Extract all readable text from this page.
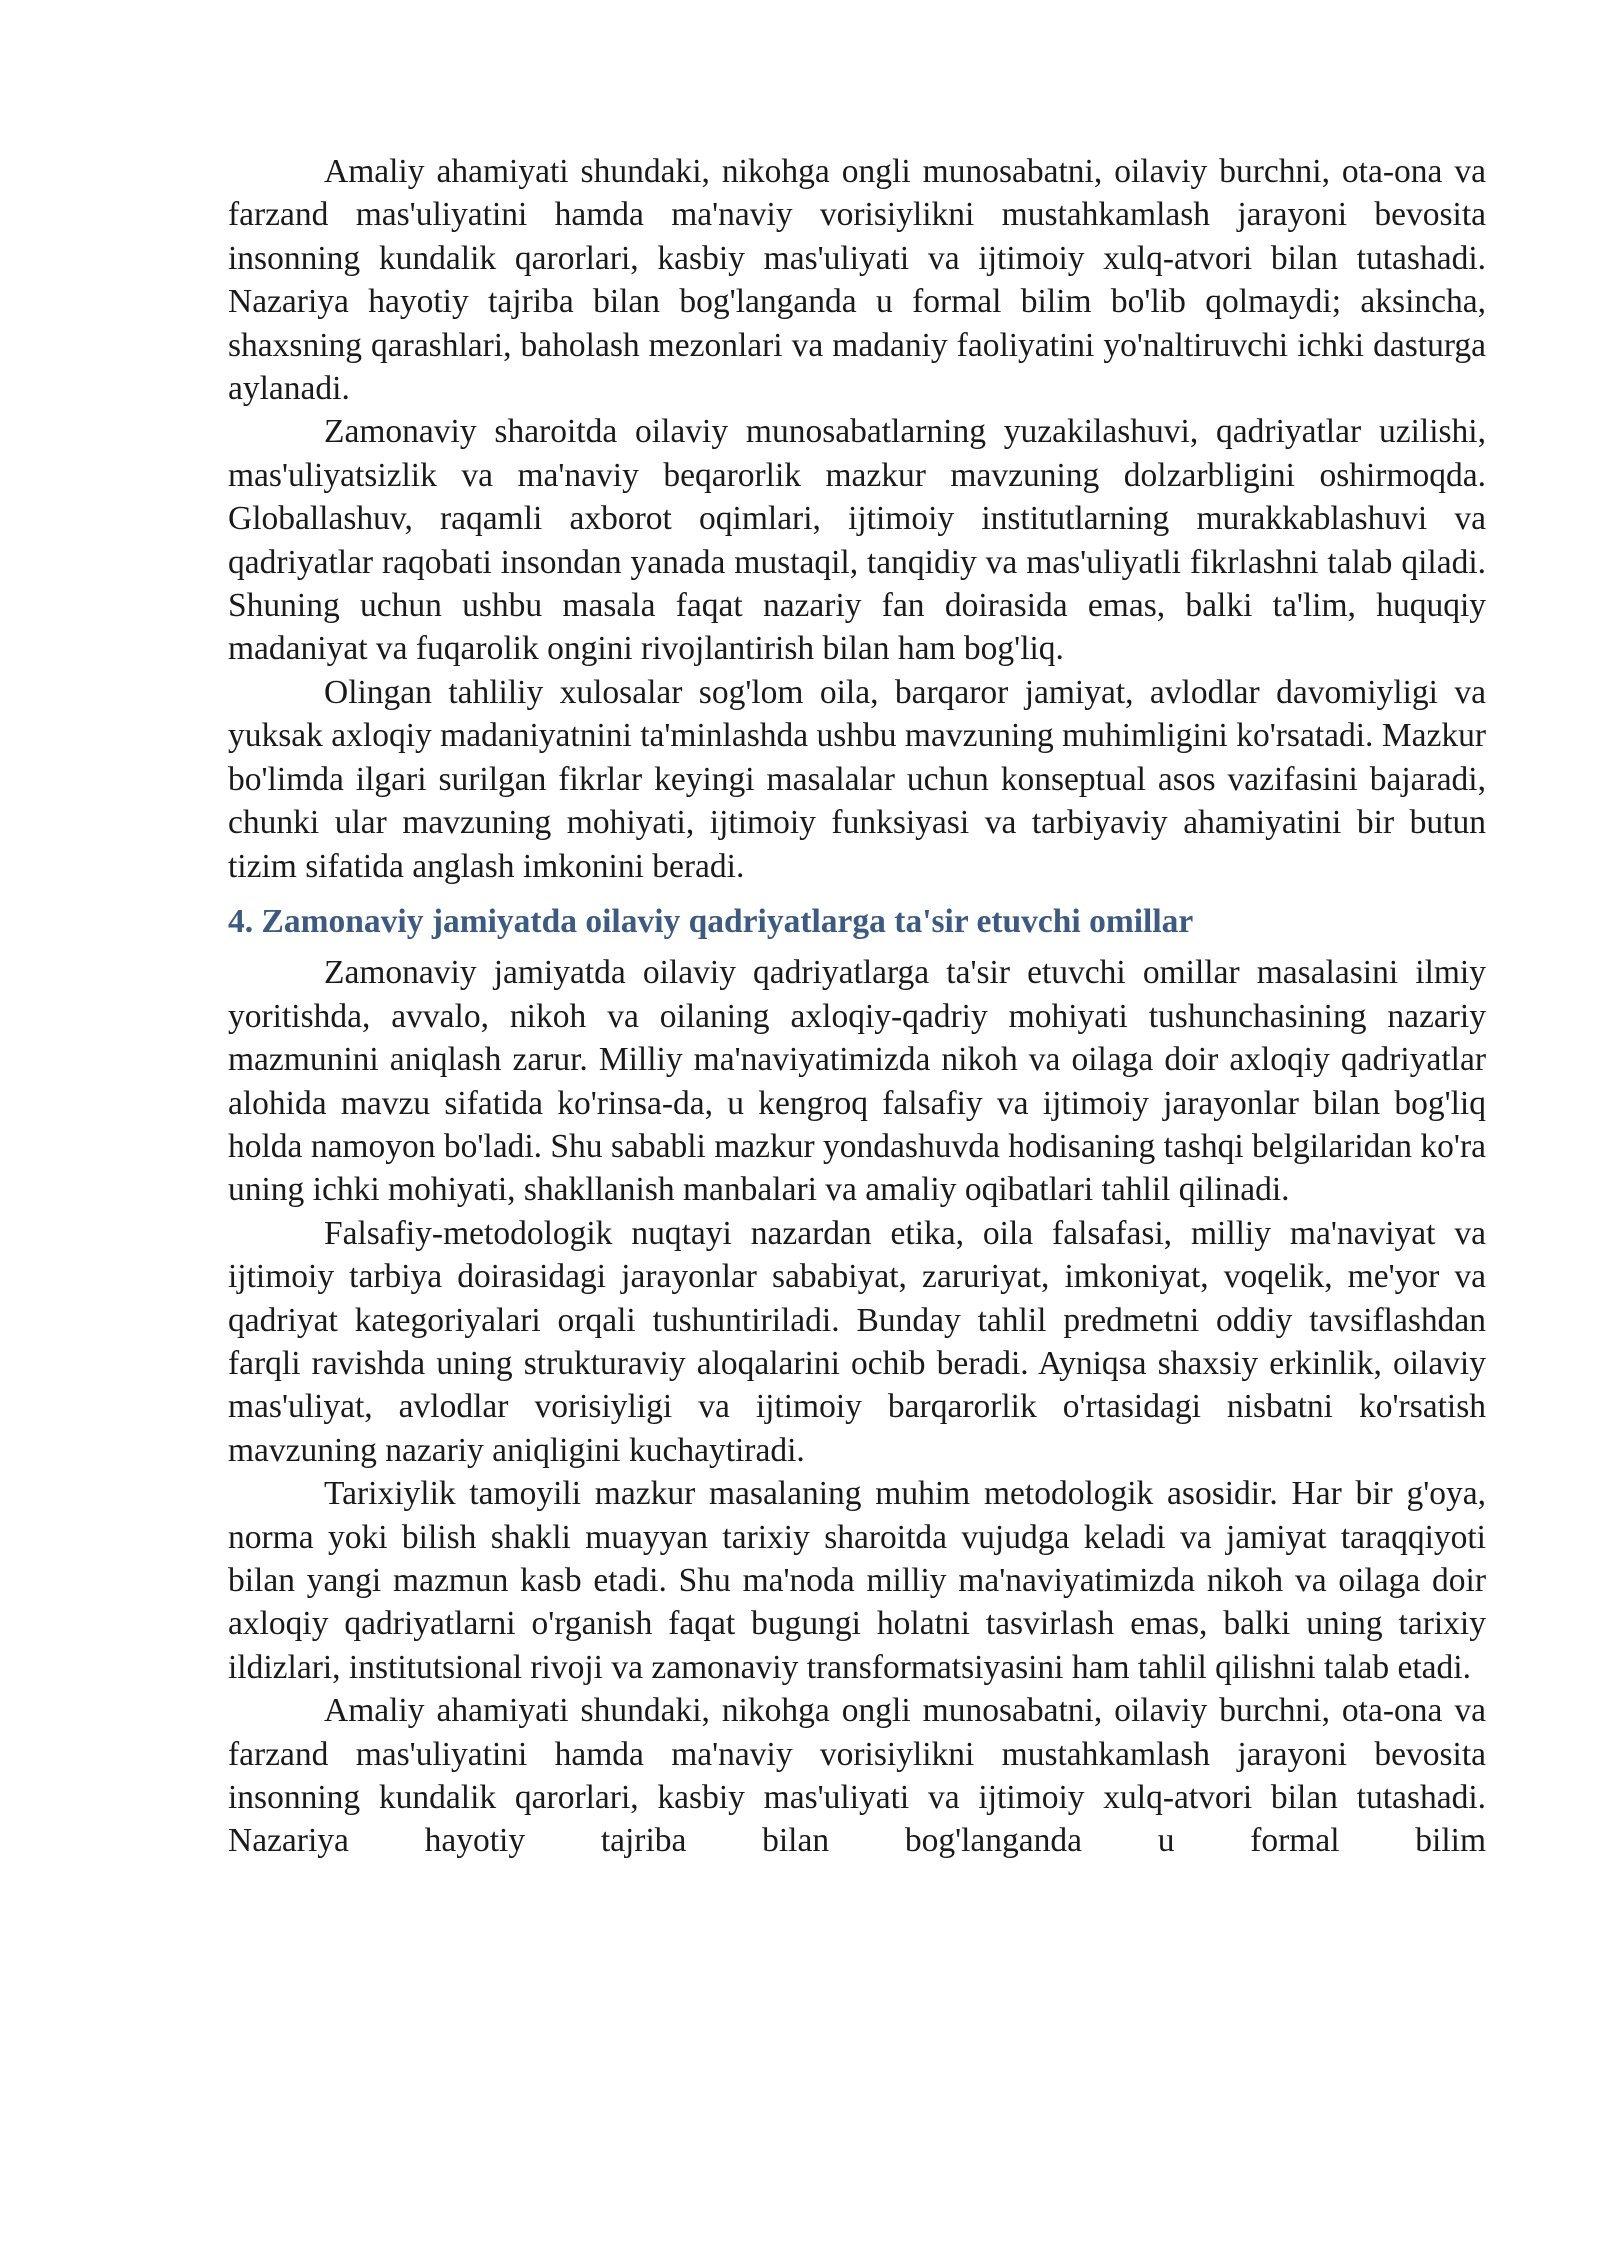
Amaliy ahamiyati shundaki, nikohga ongli munosabatni, oilaviy burchni, ota-ona va farzand mas'uliyatini hamda ma'naviy vorisiylikni mustahkamlash jarayoni bevosita insonning kundalik qarorlari, kasbiy mas'uliyati va ijtimoiy xulq-atvori bilan tutashadi. Nazariya hayotiy tajriba bilan bog'langanda u formal bilim bo'lib qolmaydi; aksincha, shaxsning qarashlari, baholash mezonlari va madaniy faoliyatini yo'naltiruvchi ichki dasturga aylanadi.

Zamonaviy sharoitda oilaviy munosabatlarning yuzakilashuvi, qadriyatlar uzilishi, mas'uliyatsizlik va ma'naviy beqarorlik mazkur mavzuning dolzarbligini oshirmoqda. Globallashuv, raqamli axborot oqimlari, ijtimoiy institutlarning murakkablashuvi va qadriyatlar raqobati insondan yanada mustaqil, tanqidiy va mas'uliyatli fikrlashni talab qiladi. Shuning uchun ushbu masala faqat nazariy fan doirasida emas, balki ta'lim, huquqiy madaniyat va fuqarolik ongini rivojlantirish bilan ham bog'liq.

Olingan tahliliy xulosalar sog'lom oila, barqaror jamiyat, avlodlar davomiyligi va yuksak axloqiy madaniyatnini ta'minlashda ushbu mavzuning muhimligini ko'rsatadi. Mazkur bo'limda ilgari surilgan fikrlar keyingi masalalar uchun konseptual asos vazifasini bajaradi, chunki ular mavzuning mohiyati, ijtimoiy funksiyasi va tarbiyaviy ahamiyatini bir butun tizim sifatida anglash imkonini beradi.

4. Zamonaviy jamiyatda oilaviy qadriyatlarga ta'sir etuvchi omillar

Zamonaviy jamiyatda oilaviy qadriyatlarga ta'sir etuvchi omillar masalasini ilmiy yoritishda, avvalo, nikoh va oilaning axloqiy-qadriy mohiyati tushunchasining nazariy mazmunini aniqlash zarur. Milliy ma'naviyatimizda nikoh va oilaga doir axloqiy qadriyatlar alohida mavzu sifatida ko'rinsa-da, u kengroq falsafiy va ijtimoiy jarayonlar bilan bog'liq holda namoyon bo'ladi. Shu sababli mazkur yondashuvda hodisaning tashqi belgilaridan ko'ra uning ichki mohiyati, shakllanish manbalari va amaliy oqibatlari tahlil qilinadi.

Falsafiy-metodologik nuqtayi nazardan etika, oila falsafasi, milliy ma'naviyat va ijtimoiy tarbiya doirasidagi jarayonlar sababiyat, zaruriyat, imkoniyat, voqelik, me'yor va qadriyat kategoriyalari orqali tushuntiriladi. Bunday tahlil predmetni oddiy tavsiflashdan farqli ravishda uning strukturaviy aloqalarini ochib beradi. Ayniqsa shaxsiy erkinlik, oilaviy mas'uliyat, avlodlar vorisiyligi va ijtimoiy barqarorlik o'rtasidagi nisbatni ko'rsatish mavzuning nazariy aniqligini kuchaytiradi.

Tarixiylik tamoyili mazkur masalaning muhim metodologik asosidir. Har bir g'oya, norma yoki bilish shakli muayyan tarixiy sharoitda vujudga keladi va jamiyat taraqqiyoti bilan yangi mazmun kasb etadi. Shu ma'noda milliy ma'naviyatimizda nikoh va oilaga doir axloqiy qadriyatlarni o'rganish faqat bugungi holatni tasvirlash emas, balki uning tarixiy ildizlari, institutsional rivoji va zamonaviy transformatsiyasini ham tahlil qilishni talab etadi.

Amaliy ahamiyati shundaki, nikohga ongli munosabatni, oilaviy burchni, ota-ona va farzand mas'uliyatini hamda ma'naviy vorisiylikni mustahkamlash jarayoni bevosita insonning kundalik qarorlari, kasbiy mas'uliyati va ijtimoiy xulq-atvori bilan tutashadi. Nazariya hayotiy tajriba bilan bog'langanda u formal bilim
